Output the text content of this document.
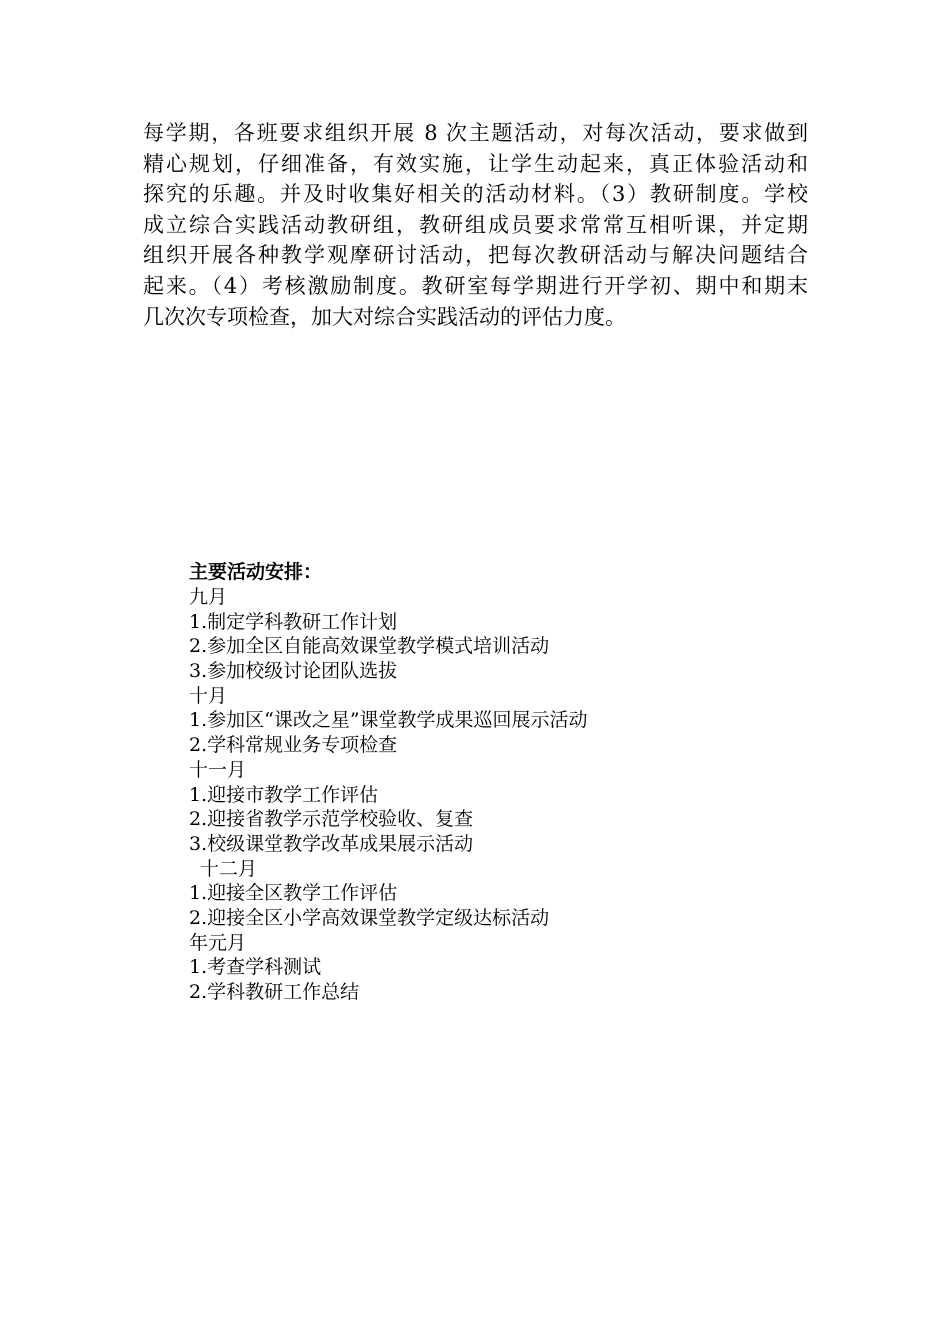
每学期，各班要求组织开展 8 次主题活动，对每次活动，要求做到
精心规划，仔细准备，有效实施，让学生动起来，真正体验活动和
探究的乐趣。并及时收集好相关的活动材料。（3）教研制度。学校
成立综合实践活动教研组，教研组成员要求常常互相听课，并定期
组织开展各种教学观摩研讨活动，把每次教研活动与解决问题结合
起来。（4）考核激励制度。教研室每学期进行开学初、期中和期末
几次次专项检查，加大对综合实践活动的评估力度。
主要活动安排：
九月
1.制定学科教研工作计划
2.参加全区自能高效课堂教学模式培训活动
3.参加校级讨论团队选拔
十月
1.参加区“课改之星”课堂教学成果巡回展示活动
2.学科常规业务专项检查
十一月
1.迎接市教学工作评估
2.迎接省教学示范学校验收、复查
3.校级课堂教学改革成果展示活动
十二月
1.迎接全区教学工作评估
2.迎接全区小学高效课堂教学定级达标活动
年元月
1.考查学科测试
2.学科教研工作总结
